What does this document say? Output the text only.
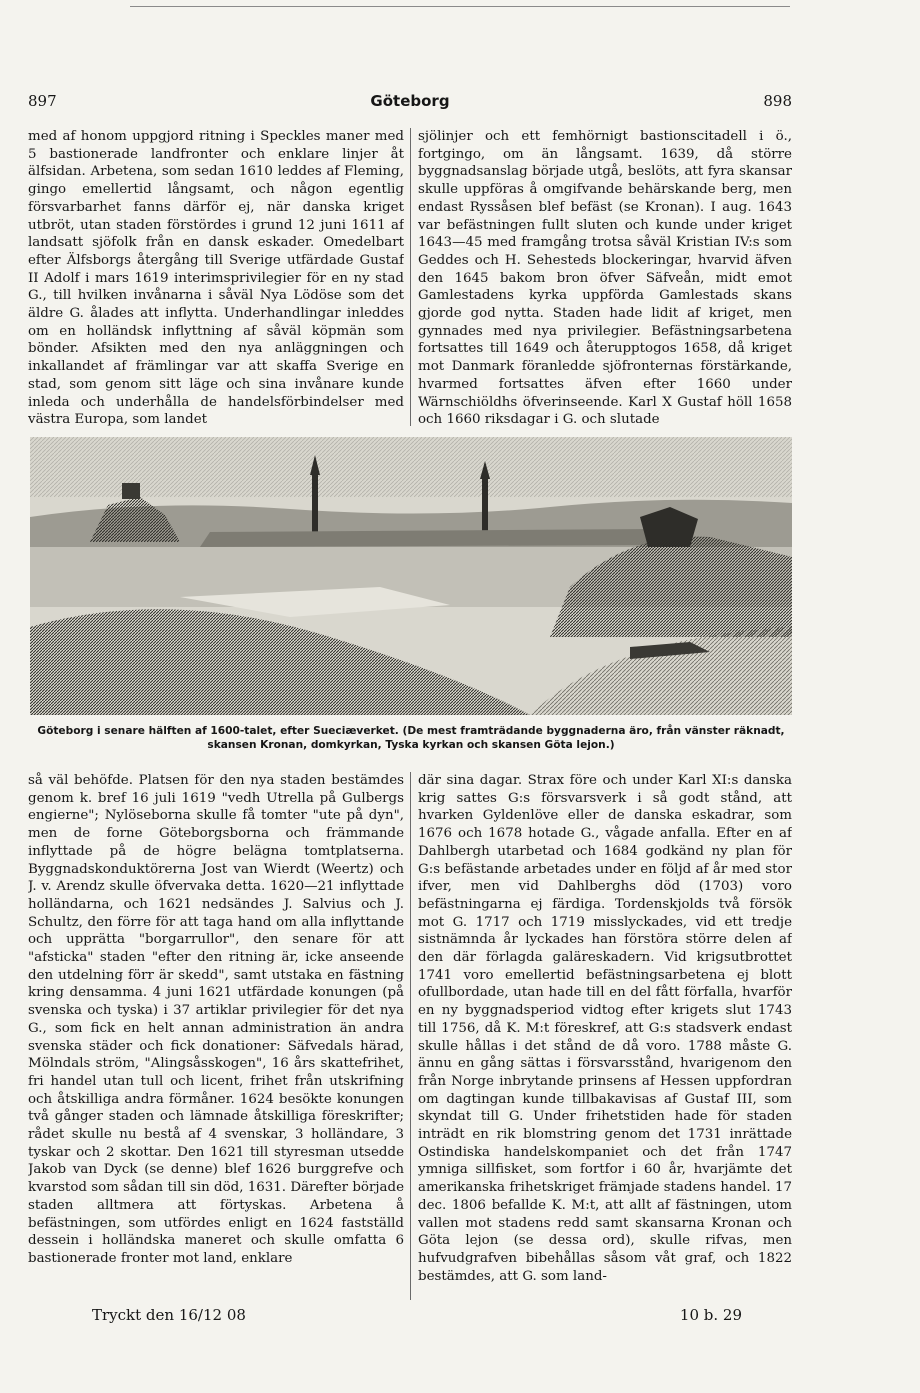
897	Göteborg	898

med af honom uppgjord ritning i Speckles maner med 5 bastionerade landfronter och enklare linjer åt älfsidan. Arbetena, som sedan 1610 leddes af Fleming, gingo emellertid långsamt, och någon egentlig försvarbarhet fanns därför ej, när danska kriget utbröt, utan staden förstördes i grund 12 juni 1611 af landsatt sjöfolk från en dansk eskader. Omedelbart efter Älfsborgs återgång till Sverige utfärdade Gustaf II Adolf i mars 1619 interimsprivilegier för en ny stad G., till hvilken invånarna i såväl Nya Lödöse som det äldre G. ålades att inflytta. Underhandlingar inleddes om en holländsk inflyttning af såväl köpmän som bönder. Afsikten med den nya anläggningen och inkallandet af främlingar var att skaffa Sverige en stad, som genom sitt läge och sina invånare kunde inleda och underhålla de handelsförbindelser med västra Europa, som landet

sjölinjer och ett femhörnigt bastionscitadell i ö., fortgingo, om än långsamt. 1639, då större byggnadsanslag började utgå, beslöts, att fyra skansar skulle uppföras å omgifvande behärskande berg, men endast Ryssåsen blef befäst (se Kronan). I aug. 1643 var befästningen fullt sluten och kunde under kriget 1643—45 med framgång trotsa såväl Kristian IV:s som Geddes och H. Sehesteds blockeringar, hvarvid äfven den 1645 bakom bron öfver Säfveån, midt emot Gamlestadens kyrka uppförda Gamlestads skans gjorde god nytta. Staden hade lidit af kriget, men gynnades med nya privilegier. Befästningsarbetena fortsattes till 1649 och återupptogos 1658, då kriget mot Danmark föranledde sjöfronternas förstärkande, hvarmed fortsattes äfven efter 1660 under Wärnschiöldhs öfverinseende. Karl X Gustaf höll 1658 och 1660 riksdagar i G. och slutade

Göteborg i senare hälften af 1600-talet, efter Sueciæverket. (De mest framträdande byggnaderna äro, från vänster räknadt, skansen Kronan, domkyrkan, Tyska kyrkan och skansen Göta lejon.)

så väl behöfde. Platsen för den nya staden bestämdes genom k. bref 16 juli 1619 "vedh Utrella på Gulbergs engierne"; Nylöseborna skulle få tomter "ute på dyn", men de forne Göteborgsborna och främmande inflyttade på de högre belägna tomtplatserna. Byggnadskonduktörerna Jost van Wierdt (Weertz) och J. v. Arendz skulle öfvervaka detta. 1620—21 inflyttade holländarna, och 1621 nedsändes J. Salvius och J. Schultz, den förre för att taga hand om alla inflyttande och upprätta "borgarrullor", den senare för att "afsticka" staden "efter den ritning är, icke anseende den utdelning förr är skedd", samt utstaka en fästning kring densamma. 4 juni 1621 utfärdade konungen (på svenska och tyska) i 37 artiklar privilegier för det nya G., som fick en helt annan administration än andra svenska städer och fick donationer: Säfvedals härad, Mölndals ström, "Alingsåsskogen", 16 års skattefrihet, fri handel utan tull och licent, frihet från utskrifning och åtskilliga andra förmåner. 1624 besökte konungen två gånger staden och lämnade åtskilliga föreskrifter; rådet skulle nu bestå af 4 svenskar, 3 holländare, 3 tyskar och 2 skottar. Den 1621 till styresman utsedde Jakob van Dyck (se denne) blef 1626 burggrefve och kvarstod som sådan till sin död, 1631. Därefter började staden alltmera att förtyskas. Arbetena å befästningen, som utfördes enligt en 1624 fastställd dessein i holländska maneret och skulle omfatta 6 bastionerade fronter mot land, enklare

där sina dagar. Strax före och under Karl XI:s danska krig sattes G:s försvarsverk i så godt stånd, att hvarken Gyldenlöve eller de danska eskadrar, som 1676 och 1678 hotade G., vågade anfalla. Efter en af Dahlbergh utarbetad och 1684 godkänd ny plan för G:s befästande arbetades under en följd af år med stor ifver, men vid Dahlberghs död (1703) voro befästningarna ej färdiga. Tordenskjolds två försök mot G. 1717 och 1719 misslyckades, vid ett tredje sistnämnda år lyckades han förstöra större delen af den där förlagda galäreskadern. Vid krigsutbrottet 1741 voro emellertid befästningsarbetena ej blott ofullbordade, utan hade till en del fått förfalla, hvarför en ny byggnadsperiod vidtog efter krigets slut 1743 till 1756, då K. M:t föreskref, att G:s stadsverk endast skulle hållas i det stånd de då voro. 1788 måste G. ännu en gång sättas i försvarsstånd, hvarigenom den från Norge inbrytande prinsens af Hessen uppfordran om dagtingan kunde tillbakavisas af Gustaf III, som skyndat till G. Under frihetstiden hade för staden inträdt en rik blomstring genom det 1731 inrättade Ostindiska handelskompaniet och det från 1747 ymniga sillfisket, som fortfor i 60 år, hvarjämte det amerikanska frihetskriget främjade stadens handel. 17 dec. 1806 befallde K. M:t, att allt af fästningen, utom vallen mot stadens redd samt skansarna Kronan och Göta lejon (se dessa ord), skulle rifvas, men hufvudgrafven bibehållas såsom våt graf, och 1822 bestämdes, att G. som land-

Tryckt den 16/12 08	10 b. 29
